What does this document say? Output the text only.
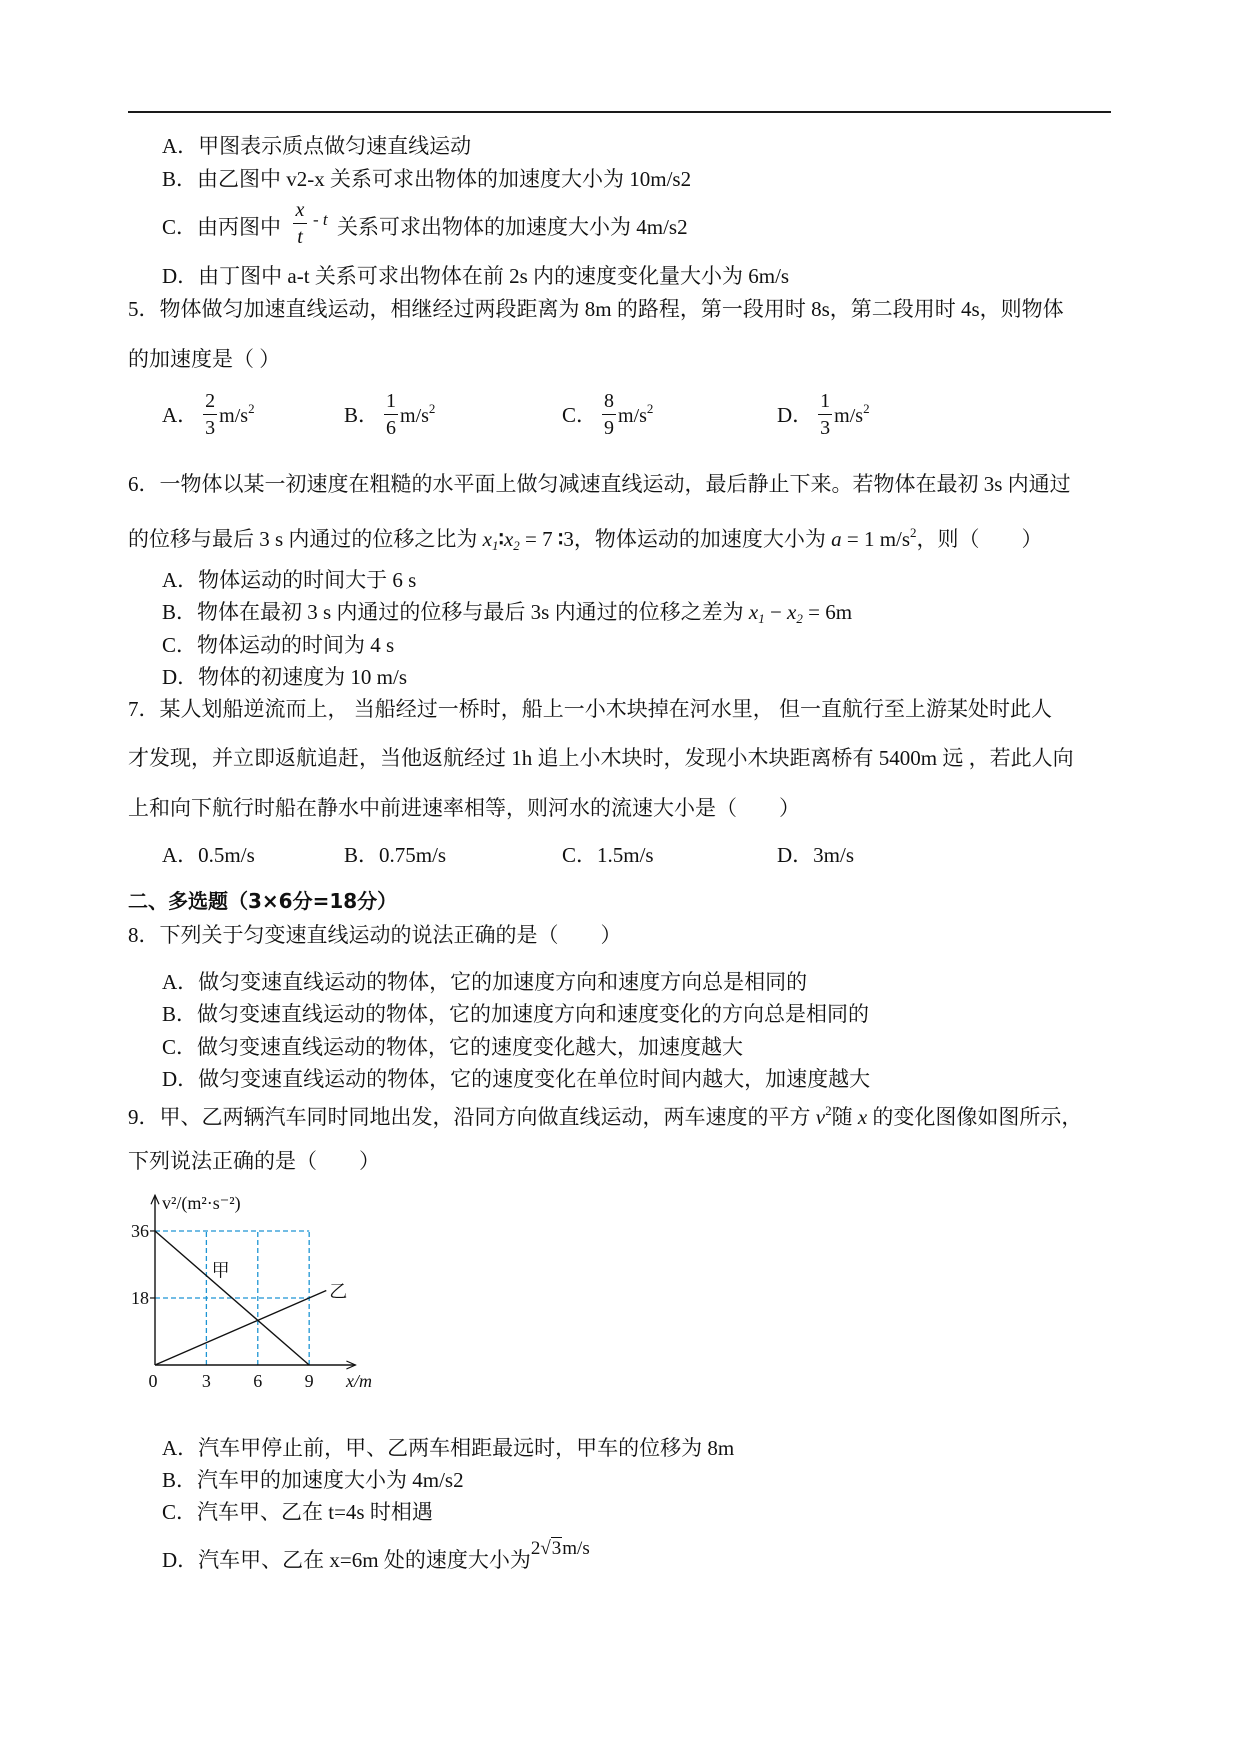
A．甲图表示质点做匀速直线运动
B．由乙图中 v2-x 关系可求出物体的加速度大小为 10m/s2
C．由丙图中
x
t
- t 关系可求出物体的加速度大小为 4m/s2
D．由丁图中 a-t 关系可求出物体在前 2s 内的速度变化量大小为 6m/s
5．物体做匀加速直线运动，相继经过两段距离为 8m 的路程，第一段用时 8s，第二段用时 4s，则物体
的加速度是（ ）
A． $\frac{2}{3} m/s^2$	B． $\frac{1}{6} m/s^2$	C． $\frac{8}{9} m/s^2$	D． $\frac{1}{3} m/s^2$
6．一物体以某一初速度在粗糙的水平面上做匀减速直线运动，最后静止下来。若物体在最初 3s 内通过
的位移与最后 3 s 内通过的位移之比为 $x_1∶x_2 = 7$ ∶3，物体运动的加速度大小为 a = 1 $m/s^2$，则（　　）
A．物体运动的时间大于 6 s
B．物体在最初 3 s 内通过的位移与最后 3s 内通过的位移之差为 $x_1 - x_2 = 6m$
C．物体运动的时间为 4 s
D．物体的初速度为 10 m/s
7．某人划船逆流而上， 当船经过一桥时，船上一小木块掉在河水里， 但一直航行至上游某处时此人
才发现，并立即返航追赶，当他返航经过 1h 追上小木块时，发现小木块距离桥有 5400m 远 ，若此人向
上和向下航行时船在静水中前进速率相等，则河水的流速大小是（　　）
A．0.5m/s	B．0.75m/s	C．1.5m/s	D．3m/s
二、多选题（3×6分=18分）
8．下列关于匀变速直线运动的说法正确的是（　　）
A．做匀变速直线运动的物体，它的加速度方向和速度方向总是相同的
B．做匀变速直线运动的物体，它的加速度方向和速度变化的方向总是相同的
C．做匀变速直线运动的物体，它的速度变化越大，加速度越大
D．做匀变速直线运动的物体，它的速度变化在单位时间内越大，加速度越大
9．甲、乙两辆汽车同时同地出发，沿同方向做直线运动，两车速度的平方 $v^2$随 x 的变化图像如图所示，
下列说法正确的是（　　）
18
36
0 3 6 9
甲
乙
v²/(m²·s⁻²)
x/m
A．汽车甲停止前，甲、乙两车相距最远时，甲车的位移为 8m
B．汽车甲的加速度大小为 4m/s2
C．汽车甲、乙在 t=4s 时相遇
D．汽车甲、乙在 x=6m 处的速度大小为2√3m/s
